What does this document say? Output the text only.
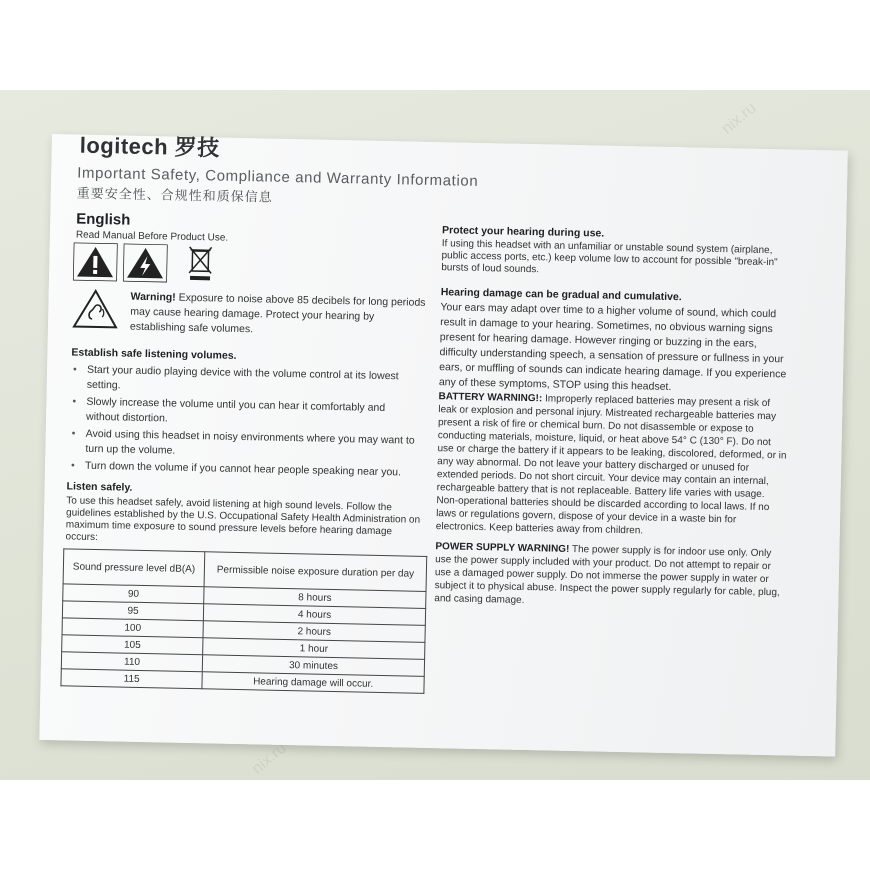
nix.ru
nix.ru
logitech 罗技
Important Safety, Compliance and Warranty Information
重要安全性、合规性和质保信息
English
Read Manual Before Product Use.
Warning! Exposure to noise above 85 decibels for long periods may cause hearing damage. Protect your hearing by establishing safe volumes.
Establish safe listening volumes.
• Start your audio playing device with the volume control at its lowest setting.
• Slowly increase the volume until you can hear it comfortably and without distortion.
• Avoid using this headset in noisy environments where you may want to turn up the volume.
• Turn down the volume if you cannot hear people speaking near you.
Listen safely.
To use this headset safely, avoid listening at high sound levels. Follow the guidelines established by the U.S. Occupational Safety Health Administration on maximum time exposure to sound pressure levels before hearing damage occurs:
Sound pressure level dB(A)	Permissible noise exposure duration per day
90	8 hours
95	4 hours
100	2 hours
105	1 hour
110	30 minutes
115	Hearing damage will occur.
Protect your hearing during use.
If using this headset with an unfamiliar or unstable sound system (airplane, public access ports, etc.) keep volume low to account for possible "break-in" bursts of loud sounds.
Hearing damage can be gradual and cumulative.
Your ears may adapt over time to a higher volume of sound, which could result in damage to your hearing. Sometimes, no obvious warning signs present for hearing damage. However ringing or buzzing in the ears, difficulty understanding speech, a sensation of pressure or fullness in your ears, or muffling of sounds can indicate hearing damage. If you experience any of these symptoms, STOP using this headset.
BATTERY WARNING!: Improperly replaced batteries may present a risk of leak or explosion and personal injury. Mistreated rechargeable batteries may present a risk of fire or chemical burn. Do not disassemble or expose to conducting materials, moisture, liquid, or heat above 54° C (130° F). Do not use or charge the battery if it appears to be leaking, discolored, deformed, or in any way abnormal. Do not leave your battery discharged or unused for extended periods. Do not short circuit. Your device may contain an internal, rechargeable battery that is not replaceable. Battery life varies with usage. Non-operational batteries should be discarded according to local laws. If no laws or regulations govern, dispose of your device in a waste bin for electronics. Keep batteries away from children.
POWER SUPPLY WARNING! The power supply is for indoor use only. Only use the power supply included with your product. Do not attempt to repair or use a damaged power supply. Do not immerse the power supply in water or subject it to physical abuse. Inspect the power supply regularly for cable, plug, and casing damage.
